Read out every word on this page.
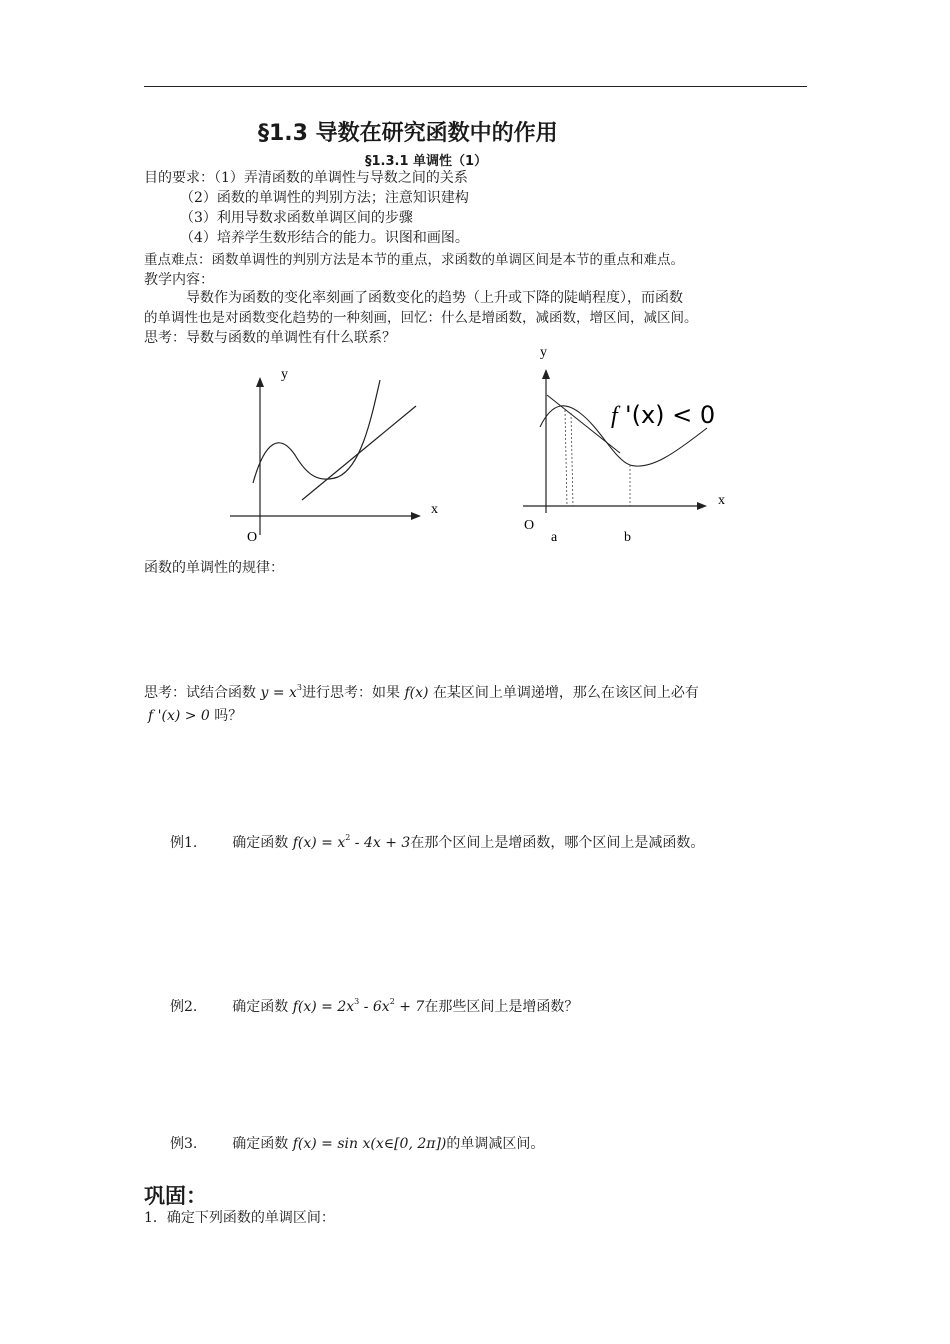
§1.3 导数在研究函数中的作用
§1.3.1 单调性（1）
目的要求：（1）弄清函数的单调性与导数之间的关系
（2）函数的单调性的判别方法；注意知识建构
（3）利用导数求函数单调区间的步骤
（4）培养学生数形结合的能力。识图和画图。
重点难点：函数单调性的判别方法是本节的重点，求函数的单调区间是本节的重点和难点。
教学内容：
导数作为函数的变化率刻画了函数变化的趋势（上升或下降的陡峭程度），而函数
的单调性也是对函数变化趋势的一种刻画，回忆：什么是增函数，减函数，增区间，减区间。
思考：导数与函数的单调性有什么联系？
y
x
O
y
x
O
a	b
f '(x) < 0
函数的单调性的规律：
思考：试结合函数 $y = x^3$进行思考：如果 f(x) 在某区间上单调递增，那么在该区间上必有
f '(x) > 0 吗？
例1. 确定函数 $f(x) = x^2 - 4x + 3$在那个区间上是增函数，哪个区间上是减函数。
例2. 确定函数 $f(x) = 2x^3 - 6x^2 + 7$在那些区间上是增函数？
例3. 确定函数 f(x) = sin x(x∈[0, 2π])的单调减区间。
巩固：
1．确定下列函数的单调区间：
